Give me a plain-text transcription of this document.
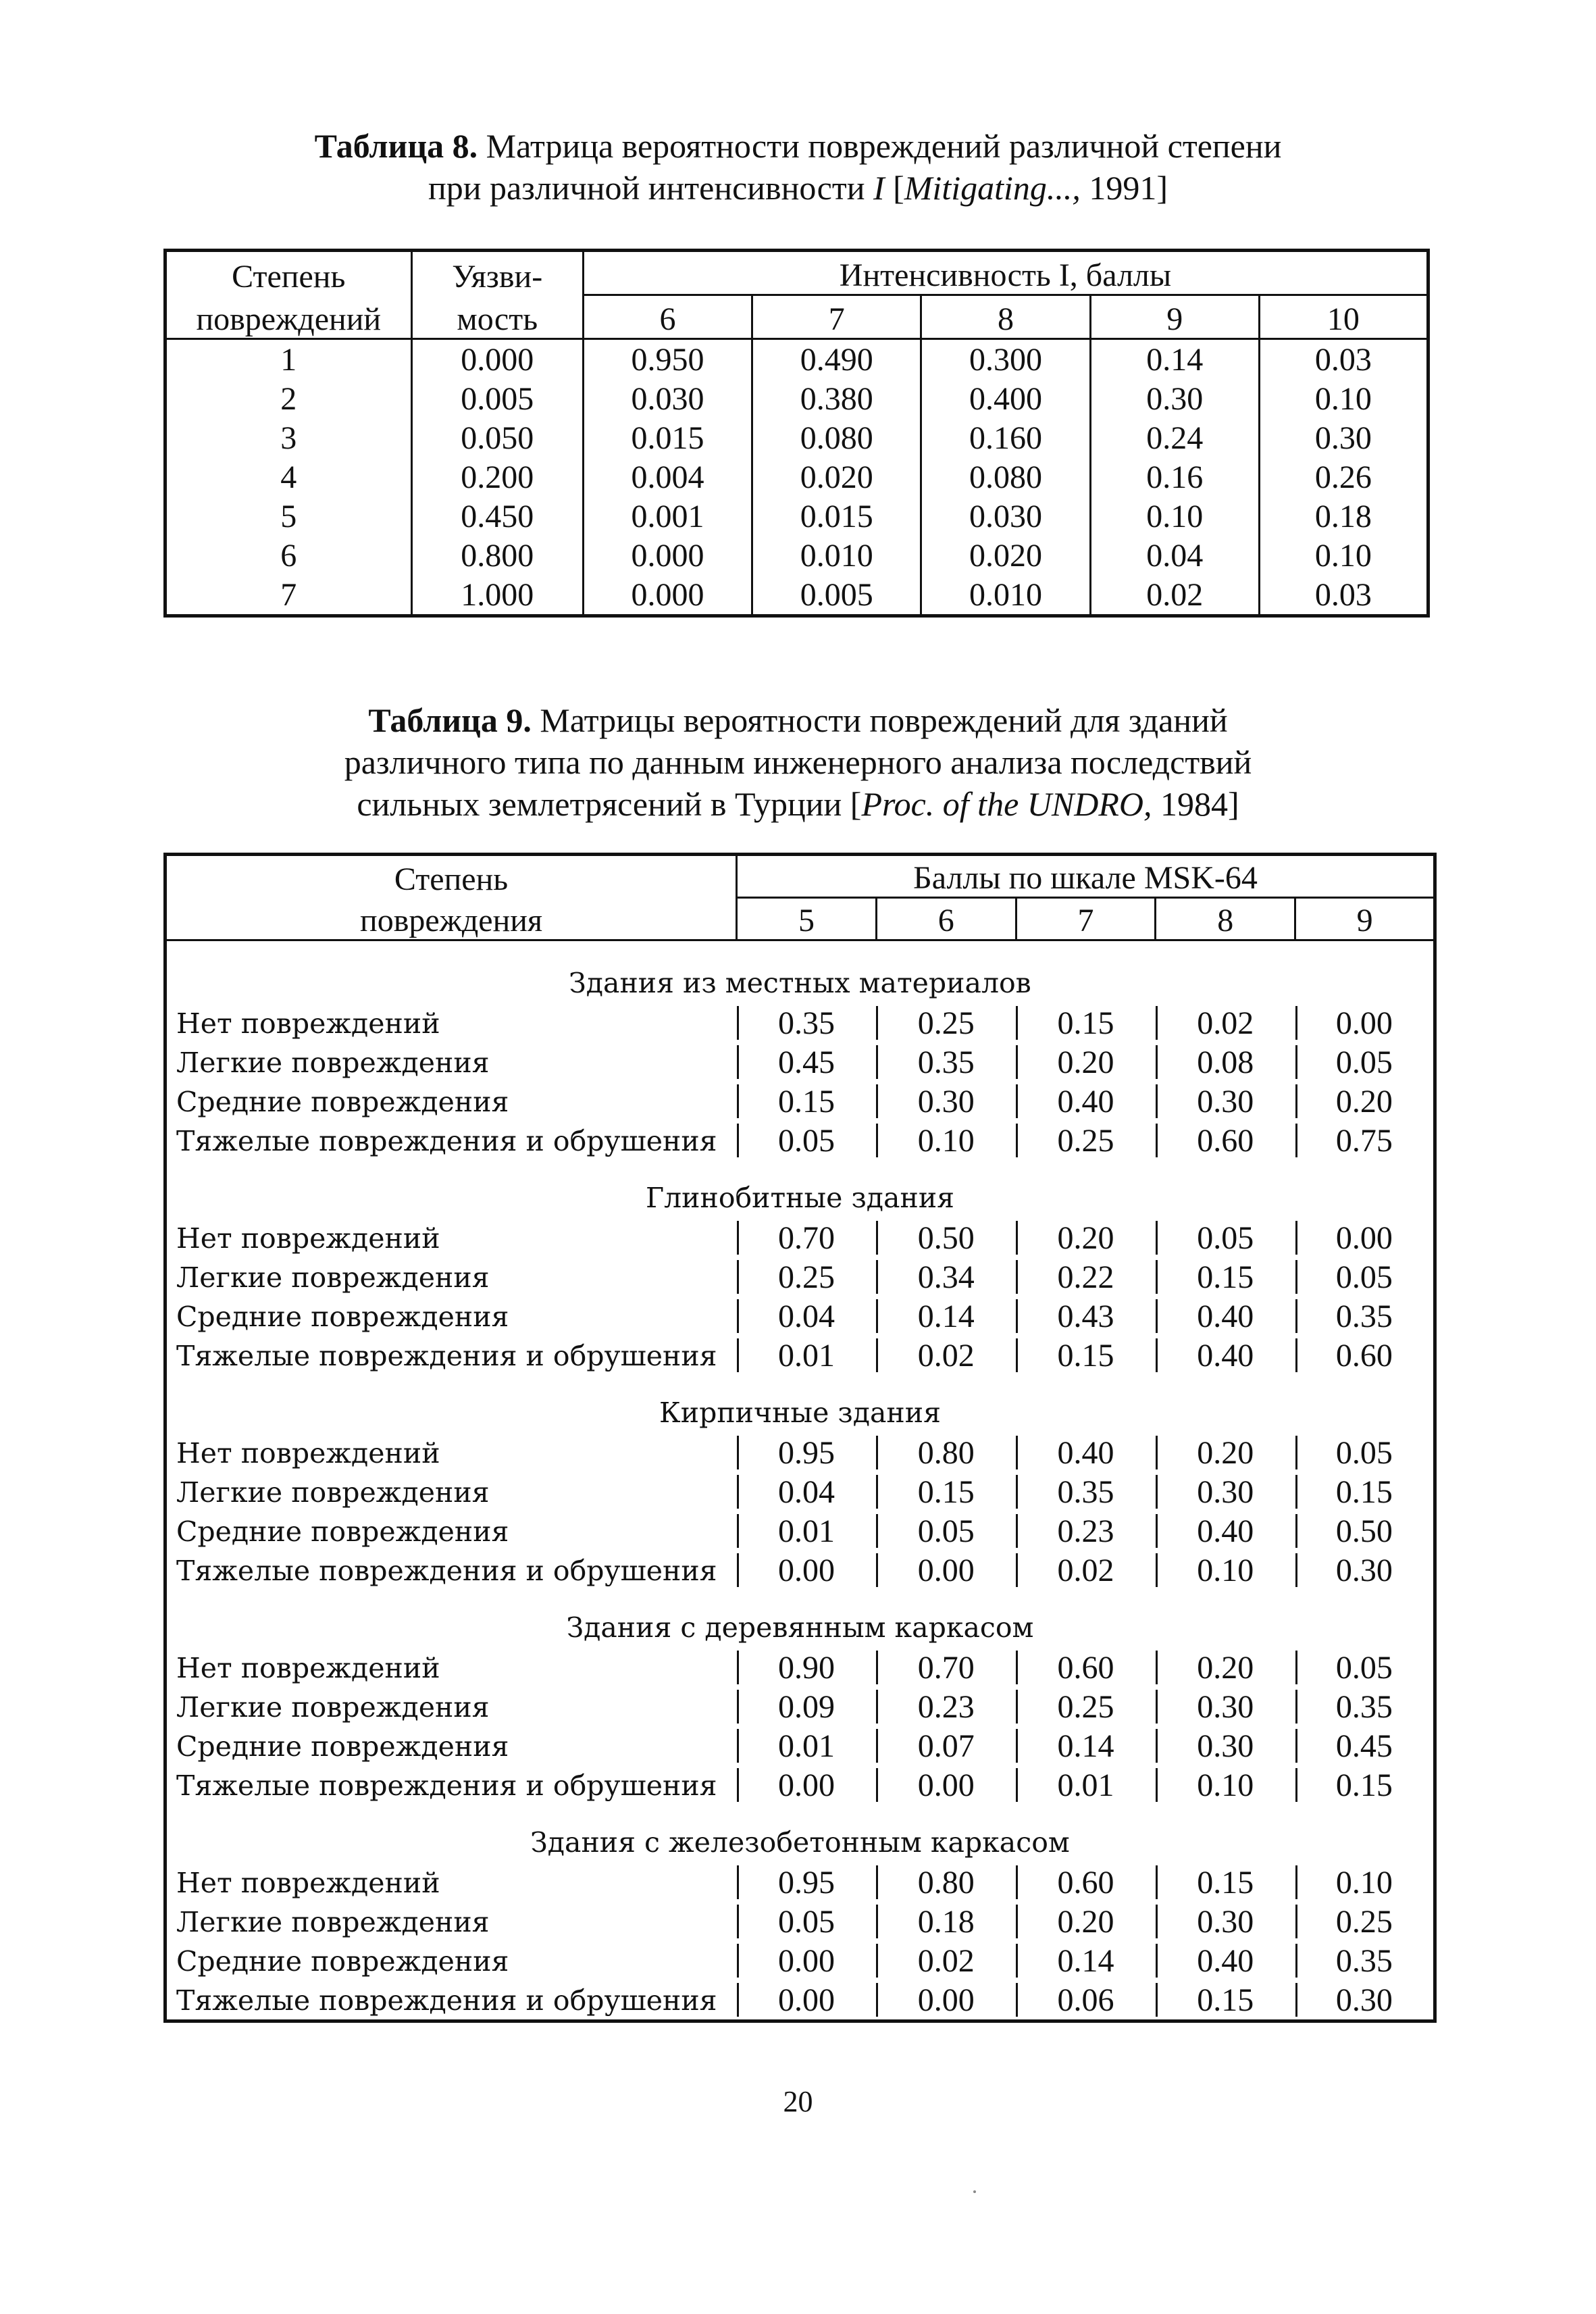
Таблица 8. Матрица вероятности повреждений различной степени
при различной интенсивности I [Mitigating..., 1991]
Степень	Уязви-	Интенсивность I, баллы				
повреждений	мость	6	7	8	9	10
1	0.000	0.950	0.490	0.300	0.14	0.03
2	0.005	0.030	0.380	0.400	0.30	0.10
3	0.050	0.015	0.080	0.160	0.24	0.30
4	0.200	0.004	0.020	0.080	0.16	0.26
5	0.450	0.001	0.015	0.030	0.10	0.18
6	0.800	0.000	0.010	0.020	0.04	0.10
7	1.000	0.000	0.005	0.010	0.02	0.03
Таблица 9. Матрицы вероятности повреждений для зданий
различного типа по данным инженерного анализа последствий
сильных землетрясений в Турции [Proc. of the UNDRO, 1984]
Степень	Баллы по шкале MSK-64				
повреждения	5	6	7	8	9
Здания из местных материалов					
Нет повреждений	0.35	0.25	0.15	0.02	0.00
Легкие повреждения	0.45	0.35	0.20	0.08	0.05
Средние повреждения	0.15	0.30	0.40	0.30	0.20
Тяжелые повреждения и обрушения	0.05	0.10	0.25	0.60	0.75
Глинобитные здания					
Нет повреждений	0.70	0.50	0.20	0.05	0.00
Легкие повреждения	0.25	0.34	0.22	0.15	0.05
Средние повреждения	0.04	0.14	0.43	0.40	0.35
Тяжелые повреждения и обрушения	0.01	0.02	0.15	0.40	0.60
Кирпичные здания					
Нет повреждений	0.95	0.80	0.40	0.20	0.05
Легкие повреждения	0.04	0.15	0.35	0.30	0.15
Средние повреждения	0.01	0.05	0.23	0.40	0.50
Тяжелые повреждения и обрушения	0.00	0.00	0.02	0.10	0.30
Здания с деревянным каркасом					
Нет повреждений	0.90	0.70	0.60	0.20	0.05
Легкие повреждения	0.09	0.23	0.25	0.30	0.35
Средние повреждения	0.01	0.07	0.14	0.30	0.45
Тяжелые повреждения и обрушения	0.00	0.00	0.01	0.10	0.15
Здания с железобетонным каркасом					
Нет повреждений	0.95	0.80	0.60	0.15	0.10
Легкие повреждения	0.05	0.18	0.20	0.30	0.25
Средние повреждения	0.00	0.02	0.14	0.40	0.35
Тяжелые повреждения и обрушения	0.00	0.00	0.06	0.15	0.30
20
